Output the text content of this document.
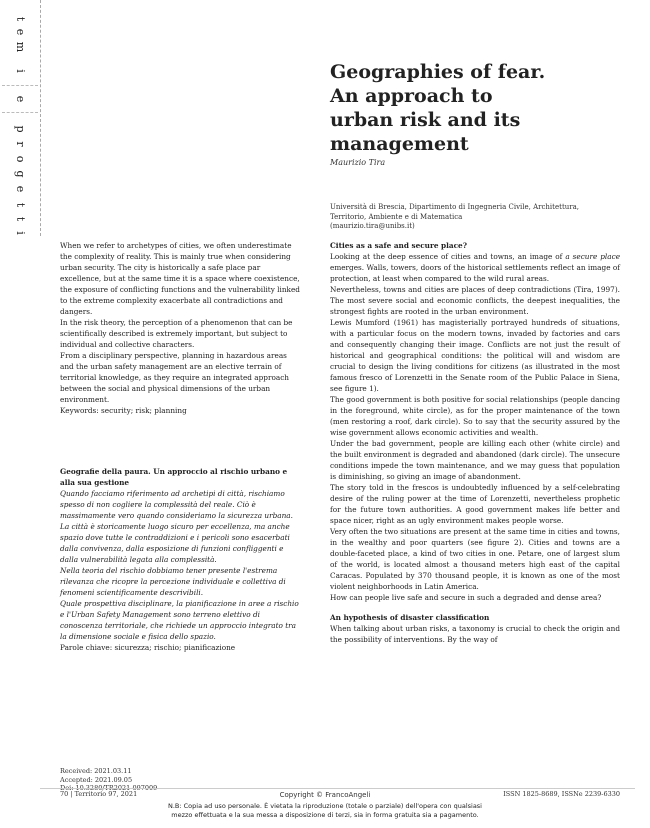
t
e
m
i
e
p
r
o
g
e
t
t
i
Geographies of fear.
An approach to
urban risk and its
management
Maurizio Tira
Università di Brescia, Dipartimento di Ingegneria Civile, Architettura,
Territorio, Ambiente e di Matematica
(maurizio.tira@unibs.it)

When we refer to archetypes of cities, we often underestimate the complexity of reality. This is mainly true when considering urban security. The city is historically a safe place par excellence, but at the same time it is a space where coexistence, the exposure of conflicting functions and the vulnerability linked to the extreme complexity exacerbate all contradictions and dangers.

In the risk theory, the perception of a phenomenon that can be scientifically described is extremely important, but subject to individual and collective characters.

From a disciplinary perspective, planning in hazardous areas and the urban safety management are an elective terrain of territorial knowledge, as they require an integrated approach between the social and physical dimensions of the urban environment.

Keywords: security; risk; planning

Geografie della paura. Un approccio al rischio urbano e alla sua gestione

Quando facciamo riferimento ad archetipi di città, rischiamo spesso di non cogliere la complessità del reale. Ciò è massimamente vero quando consideriamo la sicurezza urbana. La città è storicamente luogo sicuro per eccellenza, ma anche spazio dove tutte le contraddizioni e i pericoli sono esacerbati dalla convivenza, dalla esposizione di funzioni confliggenti e dalla vulnerabilità legata alla complessità.

Nella teoria del rischio dobbiamo tener presente l'estrema rilevanza che ricopre la percezione individuale e collettiva di fenomeni scientificamente descrivibili.

Quale prospettiva disciplinare, la pianificazione in aree a rischio e l'Urban Safety Management sono terreno elettivo di conoscenza territoriale, che richiede un approccio integrato tra la dimensione sociale e fisica dello spazio.

Parole chiave: sicurezza; rischio; pianificazione

Received: 2021.03.11
Accepted: 2021.09.05
Doi: 10.3280/TR2021-097009

Cities as a safe and secure place?

Looking at the deep essence of cities and towns, an image of a secure place emerges. Walls, towers, doors of the historical settlements reflect an image of protection, at least when compared to the wild rural areas.

Nevertheless, towns and cities are places of deep contradictions (Tira, 1997). The most severe social and economic conflicts, the deepest inequalities, the strongest fights are rooted in the urban environment.

Lewis Mumford (1961) has magisterially portrayed hundreds of situations, with a particular focus on the modern towns, invaded by factories and cars and consequently changing their image. Conflicts are not just the result of historical and geographical conditions: the political will and wisdom are crucial to design the living conditions for citizens (as illustrated in the most famous fresco of Lorenzetti in the Senate room of the Public Palace in Siena, see figure 1).

The good government is both positive for social relationships (people dancing in the foreground, white circle), as for the proper maintenance of the town (men restoring a roof, dark circle). So to say that the security assured by the wise government allows economic activities and wealth.

Under the bad government, people are killing each other (white circle) and the built environment is degraded and abandoned (dark circle). The unsecure conditions impede the town maintenance, and we may guess that population is diminishing, so giving an image of abandonment.

The story told in the frescos is undoubtedly influenced by a self-celebrating desire of the ruling power at the time of Lorenzetti, nevertheless prophetic for the future town authorities. A good government makes life better and space nicer, right as an ugly environment makes people worse.

Very often the two situations are present at the same time in cities and towns, in the wealthy and poor quarters (see figure 2). Cities and towns are a double-faceted place, a kind of two cities in one. Petare, one of largest slum of the world, is located almost a thousand meters high east of the capital Caracas. Populated by 370 thousand people, it is known as one of the most violent neighborhoods in Latin America.

How can people live safe and secure in such a degraded and dense area?

An hypothesis of disaster classification

When talking about urban risks, a taxonomy is crucial to check the origin and the possibility of interventions. By the way of

70 | Territorio 97, 2021	Copyright © FrancoAngeli	ISSN 1825-8689, ISSNe 2239-6330
N.B: Copia ad uso personale. È vietata la riproduzione (totale o parziale) dell'opera con qualsiasi
mezzo effettuata e la sua messa a disposizione di terzi, sia in forma gratuita sia a pagamento.
